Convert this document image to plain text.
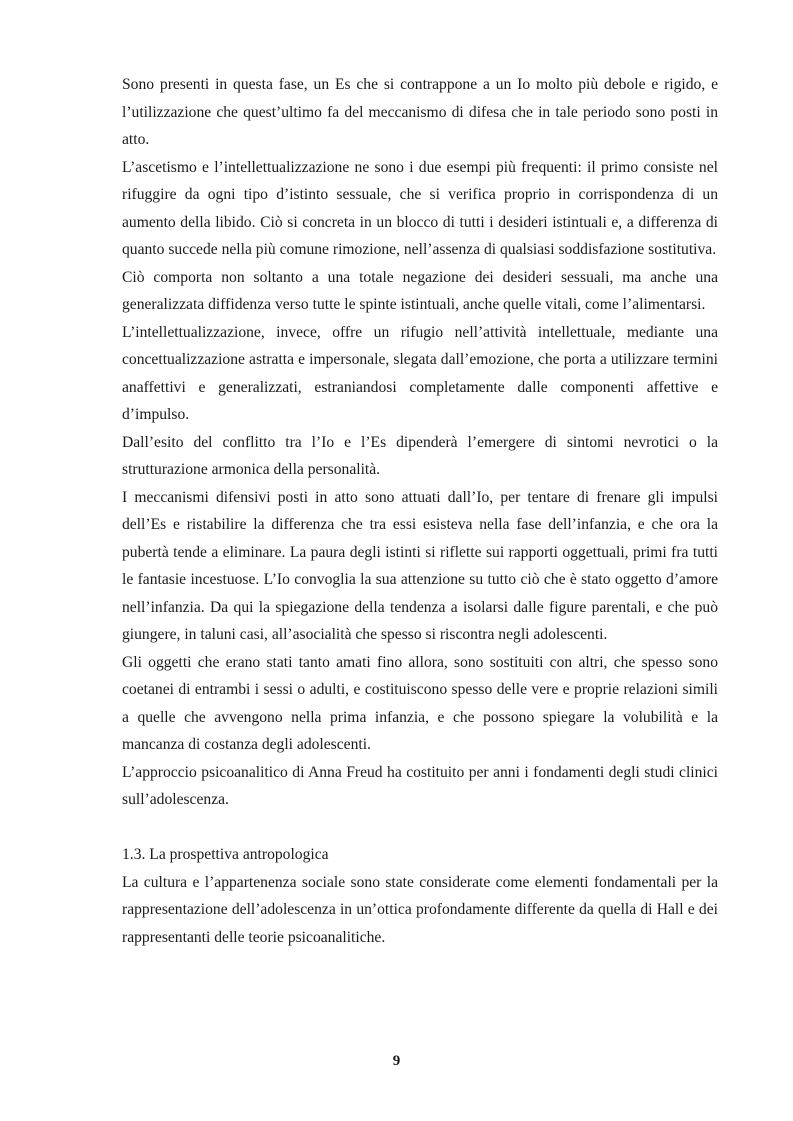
Sono presenti in questa fase, un Es che si contrappone a un Io molto più debole e rigido, e l’utilizzazione che quest’ultimo fa del meccanismo di difesa che in tale periodo sono posti in atto.

L’ascetismo e l’intellettualizzazione ne sono i due esempi più frequenti: il primo consiste nel rifuggire da ogni tipo d’istinto sessuale, che si verifica proprio in corrispondenza di un aumento della libido. Ciò si concreta in un blocco di tutti i desideri istintuali e, a differenza di quanto succede nella più comune rimozione, nell’assenza di qualsiasi soddisfazione sostitutiva.

Ciò comporta non soltanto a una totale negazione dei desideri sessuali, ma anche una generalizzata diffidenza verso tutte le spinte istintuali, anche quelle vitali, come l’alimentarsi.

L’intellettualizzazione, invece, offre un rifugio nell’attività intellettuale, mediante una concettualizzazione astratta e impersonale, slegata dall’emozione, che porta a utilizzare termini anaffettivi e generalizzati, estraniandosi completamente dalle componenti affettive e d’impulso.

Dall’esito del conflitto tra l’Io e l’Es dipenderà l’emergere di sintomi nevrotici o la strutturazione armonica della personalità.

I meccanismi difensivi posti in atto sono attuati dall’Io, per tentare di frenare gli impulsi dell’Es e ristabilire la differenza che tra essi esisteva nella fase dell’infanzia, e che ora la pubertà tende a eliminare. La paura degli istinti si riflette sui rapporti oggettuali, primi fra tutti le fantasie incestuose. L’Io convoglia la sua attenzione su tutto ciò che è stato oggetto d’amore nell’infanzia. Da qui la spiegazione della tendenza a isolarsi dalle figure parentali, e che può giungere, in taluni casi, all’asocialità che spesso si riscontra negli adolescenti.

Gli oggetti che erano stati tanto amati fino allora, sono sostituiti con altri, che spesso sono coetanei di entrambi i sessi o adulti, e costituiscono spesso delle vere e proprie relazioni simili a quelle che avvengono nella prima infanzia, e che possono spiegare la volubilità e la mancanza di costanza degli adolescenti.

L’approccio psicoanalitico di Anna Freud ha costituito per anni i fondamenti degli studi clinici sull’adolescenza.

1.3. La prospettiva antropologica

La cultura e l’appartenenza sociale sono state considerate come elementi fondamentali per la rappresentazione dell’adolescenza in un’ottica profondamente differente da quella di Hall e dei rappresentanti delle teorie psicoanalitiche.

9
